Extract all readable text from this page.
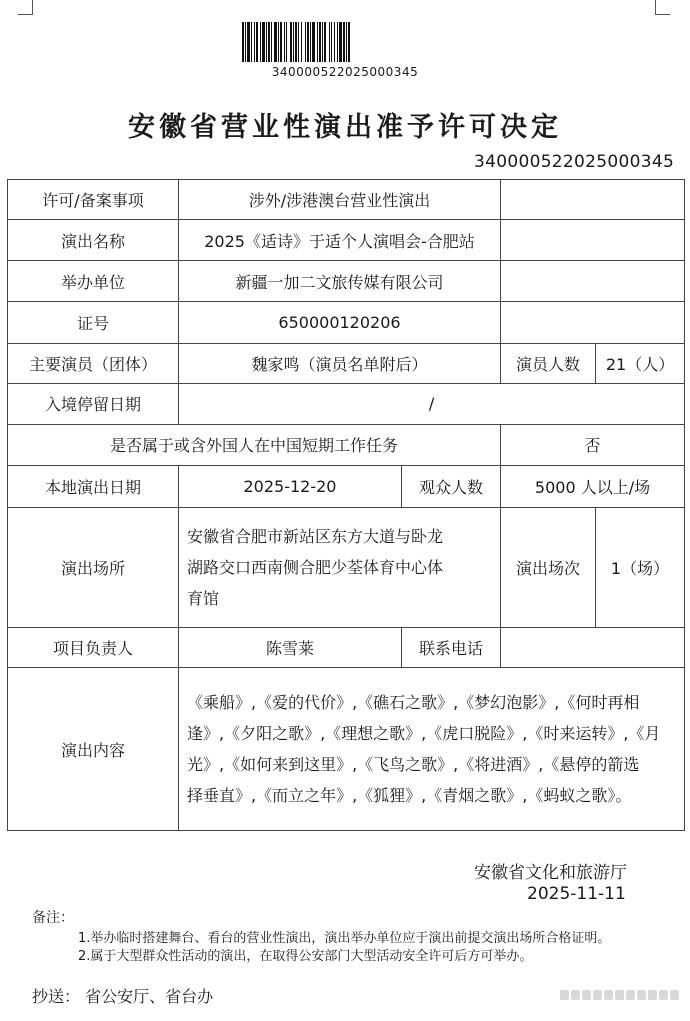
340000522025000345
安徽省营业性演出准予许可决定
340000522025000345
许可/备案事项	涉外/涉港澳台营业性演出			
演出名称	2025《适诗》于适个人演唱会-合肥站			
举办单位	新疆一加二文旅传媒有限公司			
证号	650000120206			
主要演员（团体）	魏家鸣（演员名单附后）		演员人数	21（人）
入境停留日期	/			
是否属于或含外国人在中国短期工作任务			否	
本地演出日期	2025-12-20	观众人数	5000 人以上/场	
演出场所	安徽省合肥市新站区东方大道与卧龙
湖路交口西南侧合肥少荃体育中心体
育馆		演出场次	1（场）
项目负责人	陈雪莱	联系电话		
演出内容	《乘船》,《爱的代价》,《礁石之歌》,《梦幻泡影》,《何时再相
逢》,《夕阳之歌》,《理想之歌》,《虎口脱险》,《时来运转》,《月
光》,《如何来到这里》,《飞鸟之歌》,《将进酒》,《悬停的箭选
择垂直》,《而立之年》,《狐狸》,《青烟之歌》,《蚂蚁之歌》。			
安徽省文化和旅游厅
2025-11-11
备注：
1.举办临时搭建舞台、看台的营业性演出，演出举办单位应于演出前提交演出场所合格证明。
2.属于大型群众性活动的演出，在取得公安部门大型活动安全许可后方可举办。
抄送： 省公安厅、省台办
